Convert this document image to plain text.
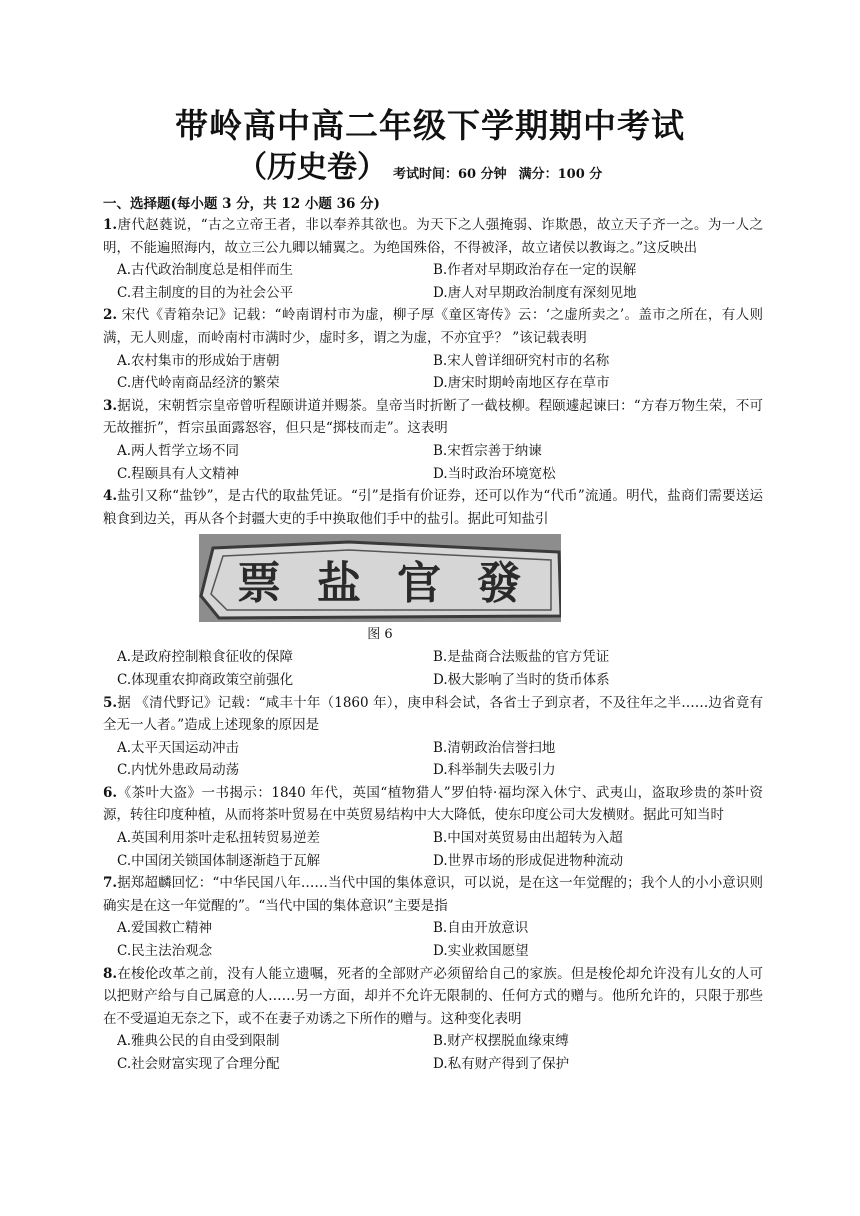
带岭高中高二年级下学期期中考试
（历史卷） $^{考试时间:60 分钟 满分:100 分}$
一、选择题(每小题 3 分，共 12 小题 36 分)

1.唐代赵蕤说，“古之立帝王者，非以奉养其欲也。为天下之人强掩弱、诈欺愚，故立天子齐一之。为一人之明，不能遍照海内，故立三公九卿以辅翼之。为绝国殊俗，不得被泽，故立诸侯以教诲之。”这反映出

A.古代政治制度总是相伴而生	B.作者对早期政治存在一定的误解
C.君主制度的目的为社会公平	D.唐人对早期政治制度有深刻见地

2. 宋代《青箱杂记》记载：“岭南谓村市为虚，柳子厚《童区寄传》云：‘之虚所卖之’。盖市之所在，有人则满，无人则虚，而岭南村市满时少，虚时多，谓之为虚，不亦宜乎？ ”该记载表明

A.农村集市的形成始于唐朝	B.宋人曾详细研究村市的名称
C.唐代岭南商品经济的繁荣	D.唐宋时期岭南地区存在草市

3.据说，宋朝哲宗皇帝曾听程颐讲道并赐茶。皇帝当时折断了一截枝柳。程颐遽起谏曰：“方春万物生荣，不可无故摧折”，哲宗虽面露怒容，但只是“掷枝而走”。这表明

A.两人哲学立场不同	B.宋哲宗善于纳谏
C.程颐具有人文精神	D.当时政治环境宽松

4.盐引又称“盐钞”，是古代的取盐凭证。“引”是指有价证券，还可以作为“代币”流通。明代，盐商们需要送运粮食到边关，再从各个封疆大吏的手中换取他们手中的盐引。据此可知盐引

票 盐 官 發
图 6
A.是政府控制粮食征收的保障	B.是盐商合法贩盐的官方凭证
C.体现重农抑商政策空前强化	D.极大影响了当时的货币体系

5.据 《清代野记》记载：“咸丰十年（1860 年），庚申科会试，各省士子到京者，不及往年之半……边省竟有全无一人者。”造成上述现象的原因是

A.太平天国运动冲击	B.清朝政治信誉扫地
C.内忧外患政局动荡	D.科举制失去吸引力

6.《茶叶大盗》一书揭示：1840 年代，英国“植物猎人”罗伯特·福均深入休宁、武夷山，盗取珍贵的茶叶资源，转往印度种植，从而将茶叶贸易在中英贸易结构中大大降低，使东印度公司大发横财。据此可知当时

A.英国利用茶叶走私扭转贸易逆差	B.中国对英贸易由出超转为入超
C.中国闭关锁国体制逐渐趋于瓦解	D.世界市场的形成促进物种流动

7.据郑超麟回忆：“中华民国八年……当代中国的集体意识，可以说，是在这一年觉醒的；我个人的小小意识则确实是在这一年觉醒的”。“当代中国的集体意识”主要是指

A.爱国救亡精神	B.自由开放意识
C.民主法治观念	D.实业救国愿望

8.在梭伦改革之前，没有人能立遗嘱，死者的全部财产必须留给自己的家族。但是梭伦却允许没有儿女的人可以把财产给与自己属意的人……另一方面，却并不允许无限制的、任何方式的赠与。他所允许的，只限于那些在不受逼迫无奈之下，或不在妻子劝诱之下所作的赠与。这种变化表明

A.雅典公民的自由受到限制	B.财产权摆脱血缘束缚
C.社会财富实现了合理分配	D.私有财产得到了保护
